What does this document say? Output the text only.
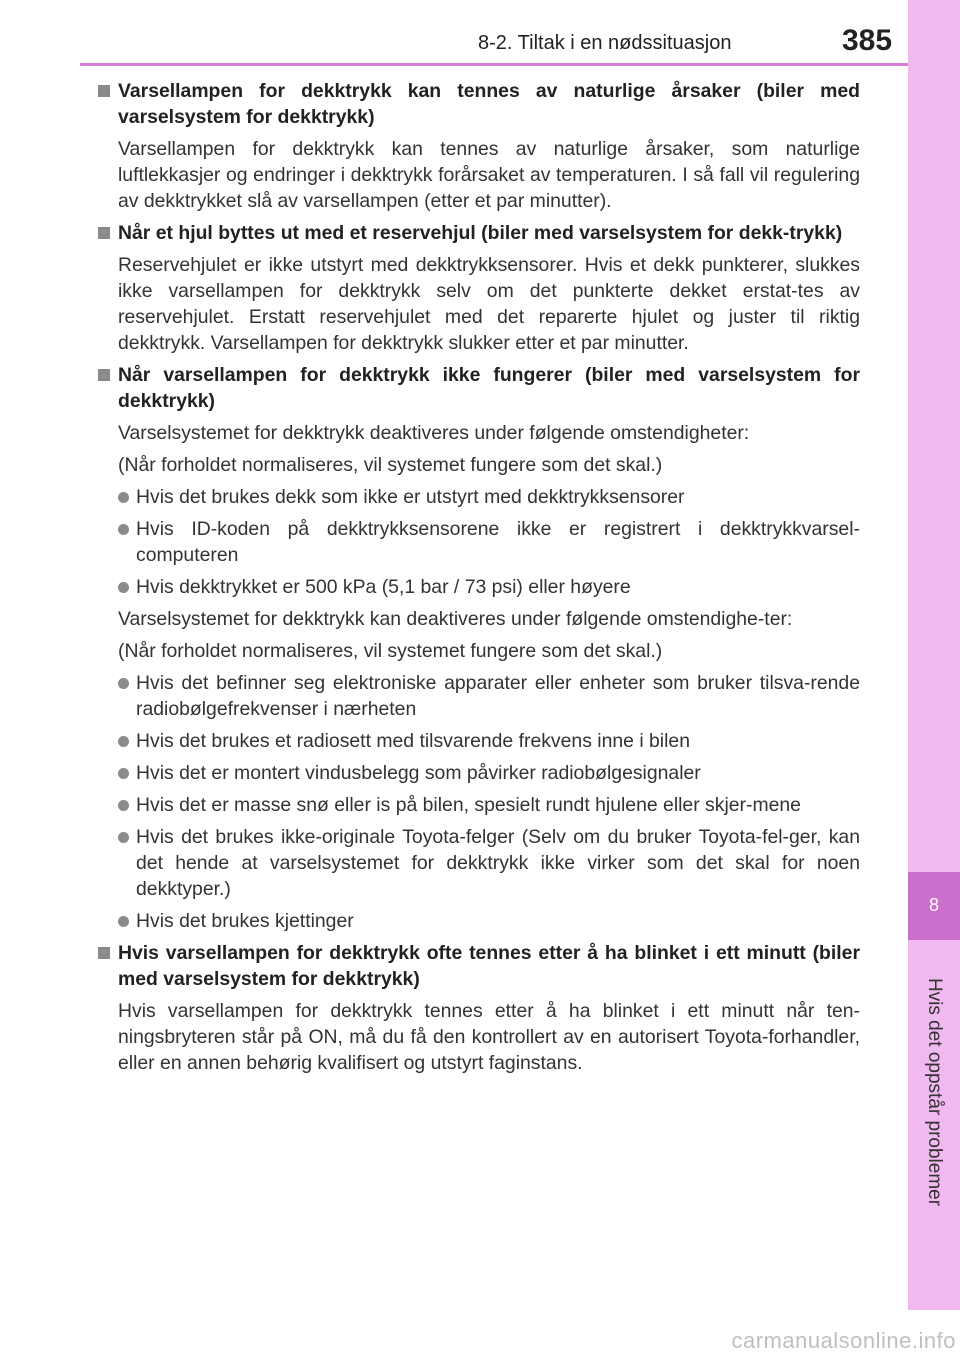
8-2. Tiltak i en nødssituasjon	385
8
Hvis det oppstår problemer
Varsellampen for dekktrykk kan tennes av naturlige årsaker (biler med varselsystem for dekktrykk)
Varsellampen for dekktrykk kan tennes av naturlige årsaker, som naturlige luftlekkasjer og endringer i dekktrykk forårsaket av temperaturen. I så fall vil regulering av dekktrykket slå av varsellampen (etter et par minutter).
Når et hjul byttes ut med et reservehjul (biler med varselsystem for dekk-trykk)
Reservehjulet er ikke utstyrt med dekktrykksensorer. Hvis et dekk punkterer, slukkes ikke varsellampen for dekktrykk selv om det punkterte dekket erstat-tes av reservehjulet. Erstatt reservehjulet med det reparerte hjulet og juster til riktig dekktrykk. Varsellampen for dekktrykk slukker etter et par minutter.
Når varsellampen for dekktrykk ikke fungerer (biler med varselsystem for dekktrykk)
Varselsystemet for dekktrykk deaktiveres under følgende omstendigheter:
(Når forholdet normaliseres, vil systemet fungere som det skal.)
Hvis det brukes dekk som ikke er utstyrt med dekktrykksensorer
Hvis ID-koden på dekktrykksensorene ikke er registrert i dekktrykkvarsel-computeren
Hvis dekktrykket er 500 kPa (5,1 bar / 73 psi) eller høyere
Varselsystemet for dekktrykk kan deaktiveres under følgende omstendighe-ter:
(Når forholdet normaliseres, vil systemet fungere som det skal.)
Hvis det befinner seg elektroniske apparater eller enheter som bruker tilsva-rende radiobølgefrekvenser i nærheten
Hvis det brukes et radiosett med tilsvarende frekvens inne i bilen
Hvis det er montert vindusbelegg som påvirker radiobølgesignaler
Hvis det er masse snø eller is på bilen, spesielt rundt hjulene eller skjer-mene
Hvis det brukes ikke-originale Toyota-felger (Selv om du bruker Toyota-fel-ger, kan det hende at varselsystemet for dekktrykk ikke virker som det skal for noen dekktyper.)
Hvis det brukes kjettinger
Hvis varsellampen for dekktrykk ofte tennes etter å ha blinket i ett minutt (biler med varselsystem for dekktrykk)
Hvis varsellampen for dekktrykk tennes etter å ha blinket i ett minutt når ten-ningsbryteren står på ON, må du få den kontrollert av en autorisert Toyota-forhandler, eller en annen behørig kvalifisert og utstyrt faginstans.
carmanualsonline.info
